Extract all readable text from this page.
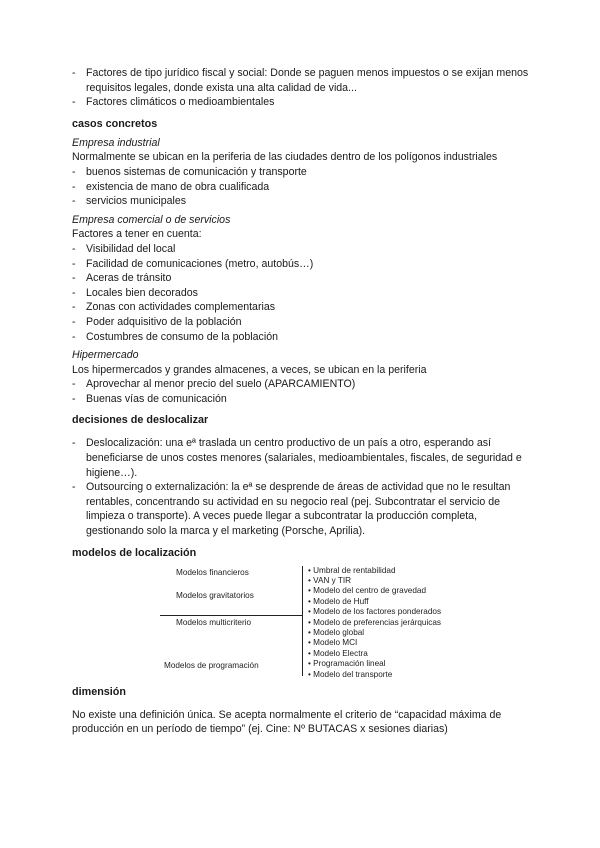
- Factores de tipo jurídico fiscal y social: Donde se paguen menos impuestos o se exijan menos requisitos legales, donde exista una alta calidad de vida...
- Factores climáticos o medioambientales
casos concretos
Empresa industrial
Normalmente se ubican en la periferia de las ciudades dentro de los polígonos industriales
- buenos sistemas de comunicación y transporte
- existencia de mano de obra cualificada
- servicios municipales
Empresa comercial o de servicios
Factores a tener en cuenta:
- Visibilidad del local
- Facilidad de comunicaciones (metro, autobús…)
- Aceras de tránsito
- Locales bien decorados
- Zonas con actividades complementarias
- Poder adquisitivo de la población
- Costumbres de consumo de la población
Hipermercado
Los hipermercados y grandes almacenes, a veces, se ubican en la periferia
- Aprovechar al menor precio del suelo (APARCAMIENTO)
- Buenas vías de comunicación
decisiones de deslocalizar
- Deslocalización: una eª traslada un centro productivo de un país a otro, esperando así beneficiarse de unos costes menores (salariales, medioambientales, fiscales, de seguridad e higiene…).
- Outsourcing o externalización: la eª se desprende de áreas de actividad que no le resultan rentables, concentrando su actividad en su negocio real (pej. Subcontratar el servicio de limpieza o transporte). A veces puede llegar a subcontratar la producción completa, gestionando solo la marca y el marketing (Porsche, Aprilia).
modelos de localización
Modelos financieros
Modelos gravitatorios
Modelos multicriterio
Modelos de programación
• Umbral de rentabilidad
• VAN y TIR
• Modelo del centro de gravedad
• Modelo de Huff
• Modelo de los factores ponderados
• Modelo de preferencias jerárquicas
• Modelo global
• Modelo MCI
• Modelo Electra
• Programación lineal
• Modelo del transporte
dimensión
No existe una definición única. Se acepta normalmente el criterio de “capacidad máxima de producción en un período de tiempo” (ej. Cine: Nº BUTACAS x sesiones diarias)
